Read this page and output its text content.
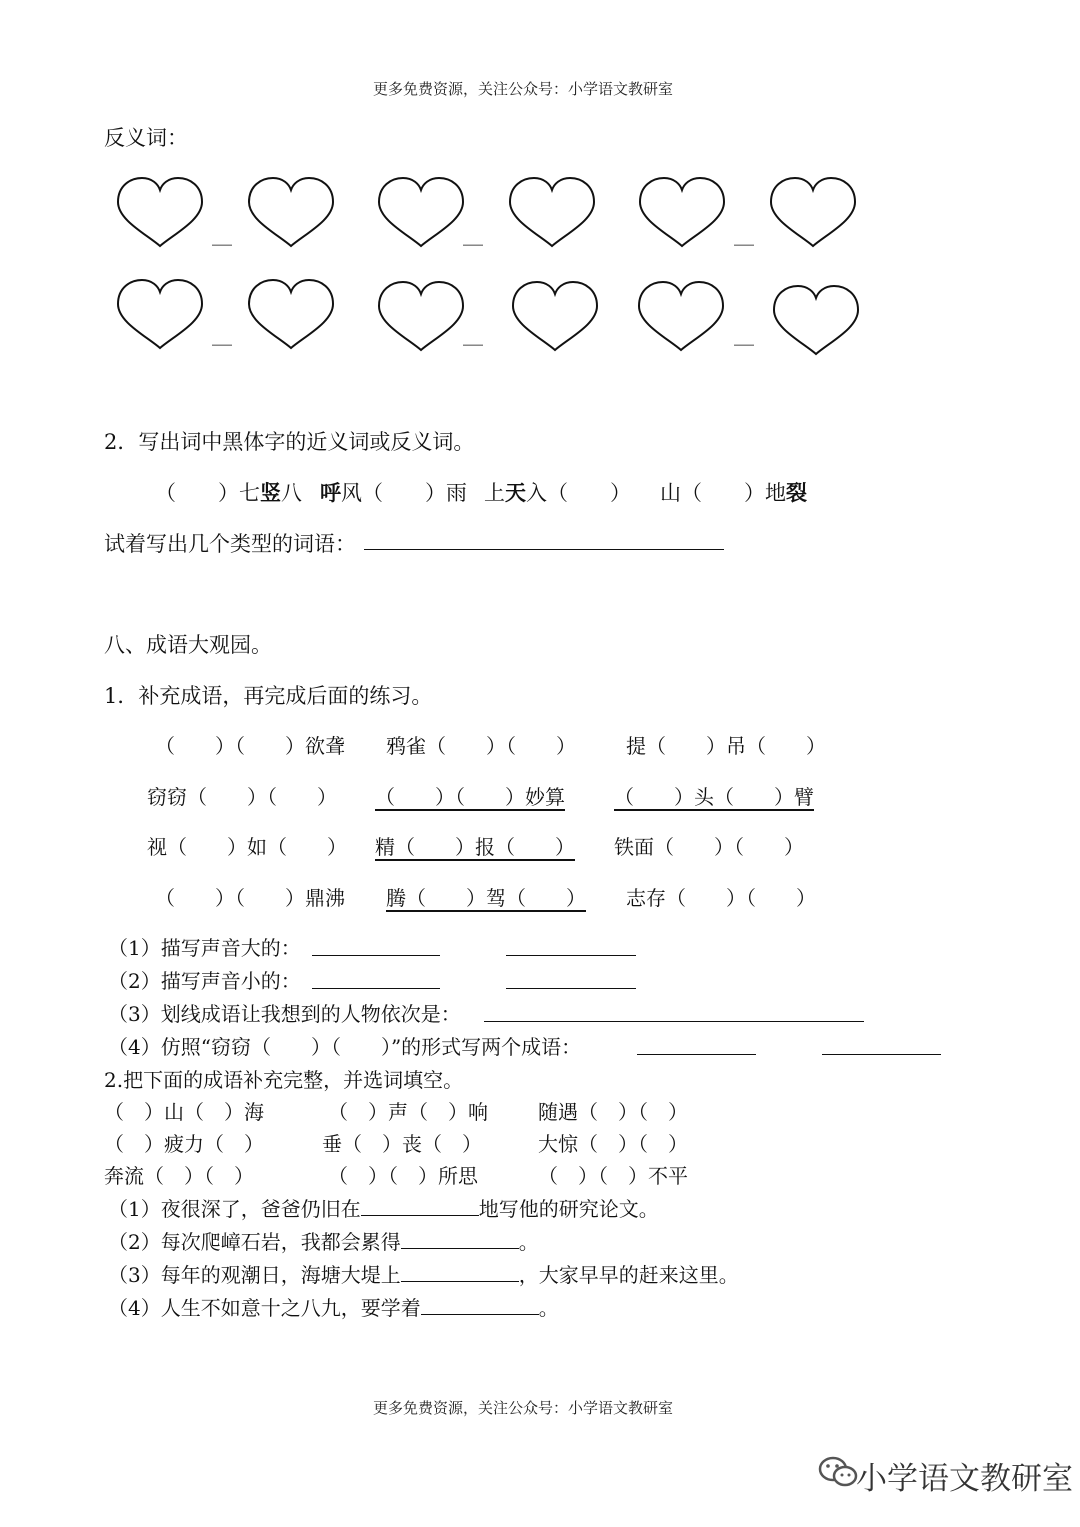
更多免费资源，关注公众号：小学语文教研室
反义词：
__	__	__
__	__	__
2．写出词中黑体字的近义词或反义词。
（　　）七竖八 呼风（　　）雨 上天入（　　） 山（　　）地裂
试着写出几个类型的词语：
八、成语大观园。
1．补充成语，再完成后面的练习。
（　　）（　　）欲聋 鸦雀（　　）（　　）	提（　　）吊（　　）
窃窃（　　）（　　） （　　）（　　）妙算 （　　）头（　　）臂
视（　　）如（　　） 精（　　）报（　　） 铁面（　　）（　　）
（　　）（　　）鼎沸 腾（　　）驾（　　） 志存（　　）（　　）
（1）描写声音大的：
（2）描写声音小的：
（3）划线成语让我想到的人物依次是：
（4）仿照“窃窃（　　）（　　）”的形式写两个成语：
2.把下面的成语补充完整，并选词填空。
（　）山（　）海	（　）声（　）响	随遇（　）（　）
（　）疲力（　）	垂（　）丧（　）	大惊（　）（　）
奔流（　）（　）	（　）（　）所思	（　）（　）不平
（1）夜很深了，爸爸仍旧在	地写他的研究论文。
（2）每次爬嶂石岩，我都会累得	。
（3）每年的观潮日，海塘大堤上	，大家早早的赶来这里。
（4）人生不如意十之八九，要学着	。
更多免费资源，关注公众号：小学语文教研室
小学语文教研室
